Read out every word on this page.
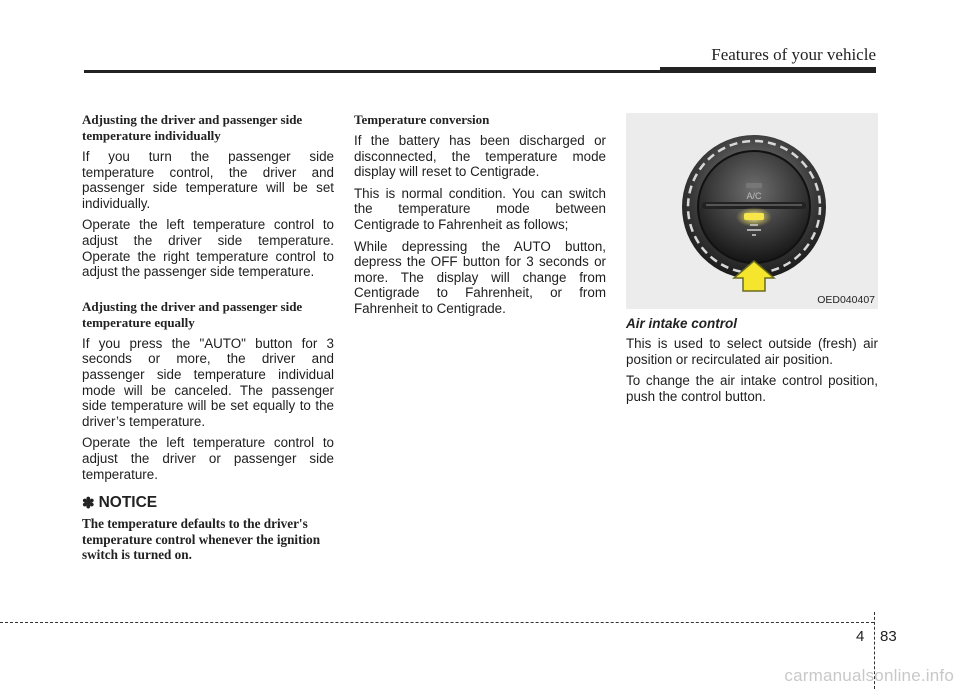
Features of your vehicle

Adjusting the driver and passenger side temperature individually

If you turn the passenger side temperature control, the driver and passenger side temperature will be set individually.

Operate the left temperature control to adjust the driver side temperature. Operate the right temperature control to adjust the passenger side temperature.

Adjusting the driver and passenger side temperature equally

If you press the "AUTO" button for 3 seconds or more, the driver and passenger side temperature individual mode will be canceled. The passenger side temperature will be set equally to the driver’s temperature.

Operate the left temperature control to adjust the driver or passenger side temperature.

✽ NOTICE

The temperature defaults to the driver's temperature control whenever the ignition switch is turned on.

Temperature conversion

If the battery has been discharged or disconnected, the temperature mode display will reset to Centigrade.

This is normal condition. You can switch the temperature mode between Centigrade to Fahrenheit as follows;

While depressing the AUTO button, depress the OFF button for 3 seconds or more. The display will change from Centigrade to Fahrenheit, or from Fahrenheit to Centigrade.

A/C
OED040407

Air intake control

This is used to select outside (fresh) air position or recirculated air position.

To change the air intake control position, push the control button.

4 83
carmanualsonline.info
